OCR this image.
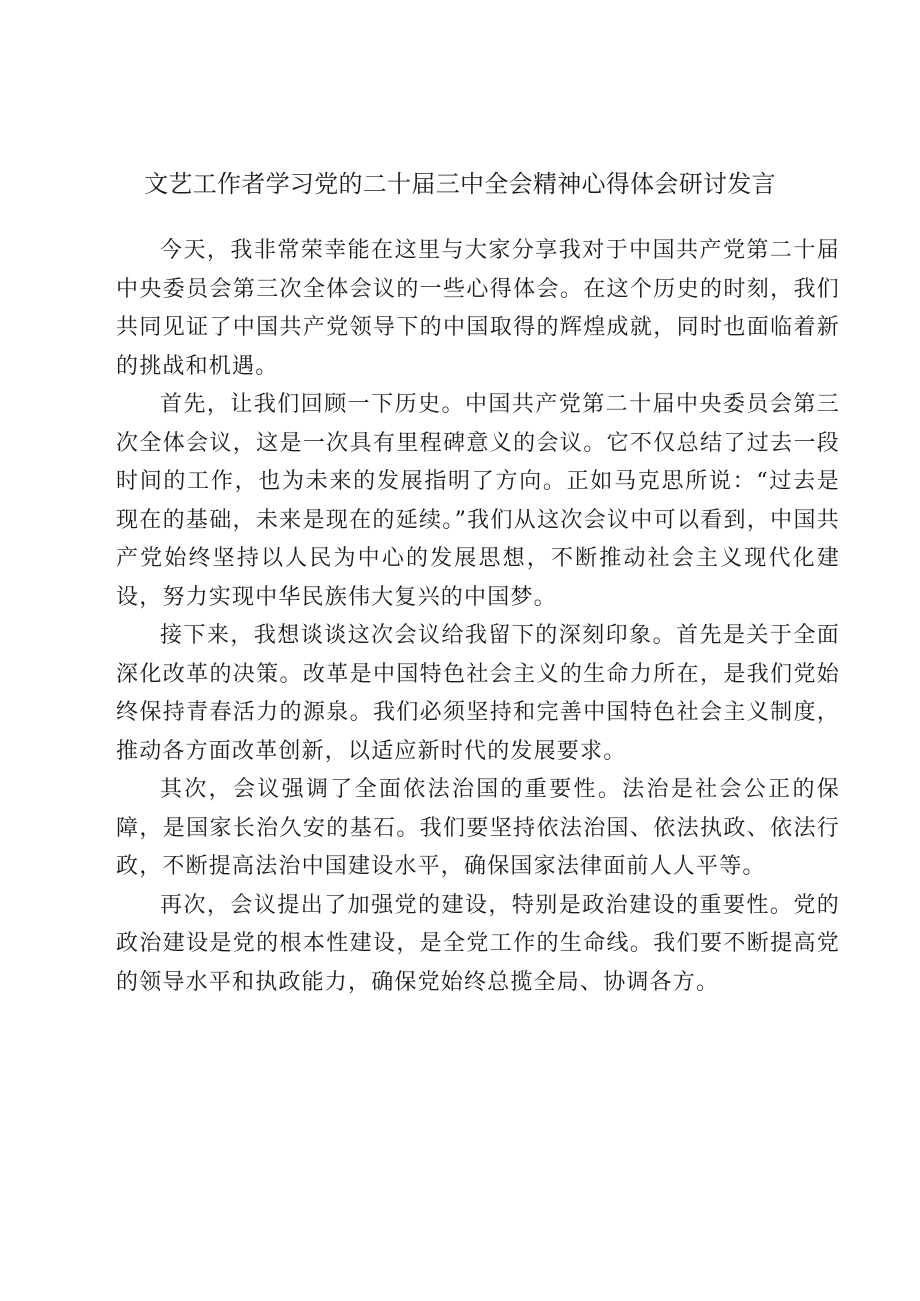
文艺工作者学习党的二十届三中全会精神心得体会研讨发言

今天，我非常荣幸能在这里与大家分享我对于中国共产党第二十届中央委员会第三次全体会议的一些心得体会。在这个历史的时刻，我们共同见证了中国共产党领导下的中国取得的辉煌成就，同时也面临着新的挑战和机遇。

首先，让我们回顾一下历史。中国共产党第二十届中央委员会第三次全体会议，这是一次具有里程碑意义的会议。它不仅总结了过去一段时间的工作，也为未来的发展指明了方向。正如马克思所说：“过去是现在的基础，未来是现在的延续。”我们从这次会议中可以看到，中国共产党始终坚持以人民为中心的发展思想，不断推动社会主义现代化建设，努力实现中华民族伟大复兴的中国梦。

接下来，我想谈谈这次会议给我留下的深刻印象。首先是关于全面深化改革的决策。改革是中国特色社会主义的生命力所在，是我们党始终保持青春活力的源泉。我们必须坚持和完善中国特色社会主义制度，推动各方面改革创新，以适应新时代的发展要求。

其次，会议强调了全面依法治国的重要性。法治是社会公正的保障，是国家长治久安的基石。我们要坚持依法治国、依法执政、依法行政，不断提高法治中国建设水平，确保国家法律面前人人平等。

再次，会议提出了加强党的建设，特别是政治建设的重要性。党的政治建设是党的根本性建设，是全党工作的生命线。我们要不断提高党的领导水平和执政能力，确保党始终总揽全局、协调各方。
